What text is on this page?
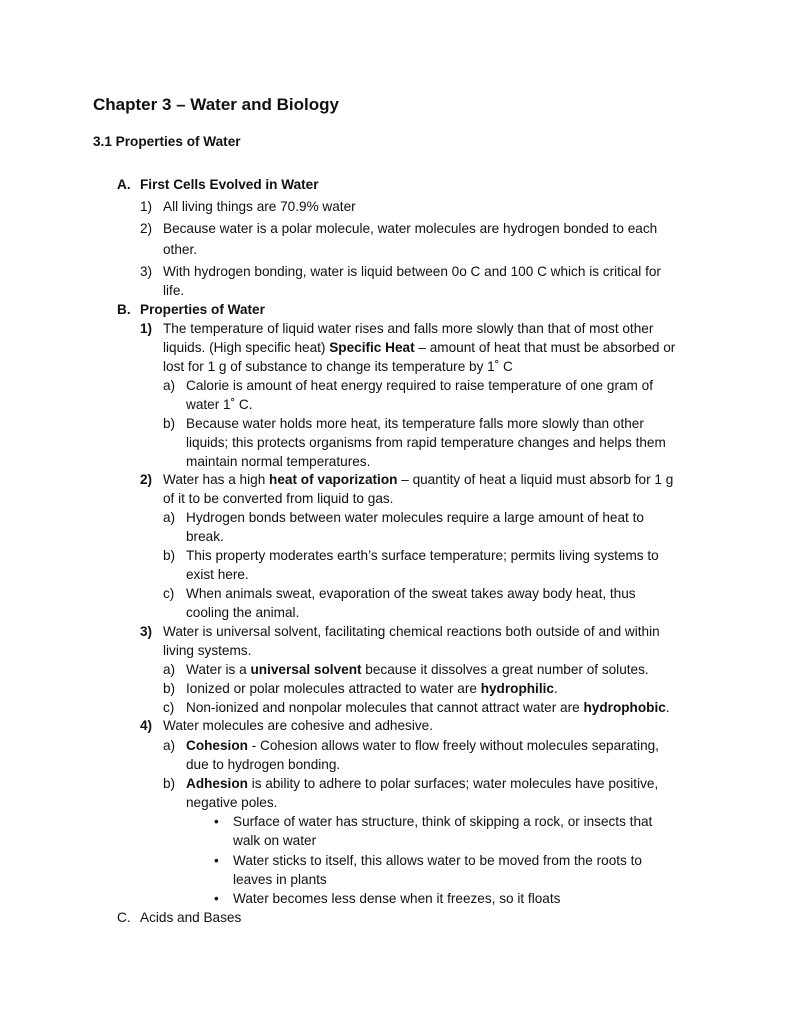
Chapter 3 – Water and Biology
3.1 Properties of Water
A. First Cells Evolved in Water
1) All living things are 70.9% water
2) Because water is a polar molecule, water molecules are hydrogen bonded to each
other.
3) With hydrogen bonding, water is liquid between 0o C and 100 C which is critical for
life.
B. Properties of Water
1) The temperature of liquid water rises and falls more slowly than that of most other
liquids. (High specific heat) Specific Heat – amount of heat that must be absorbed or
lost for 1 g of substance to change its temperature by 1˚ C
a) Calorie is amount of heat energy required to raise temperature of one gram of
water 1˚ C.
b) Because water holds more heat, its temperature falls more slowly than other
liquids; this protects organisms from rapid temperature changes and helps them
maintain normal temperatures.
2) Water has a high heat of vaporization – quantity of heat a liquid must absorb for 1 g
of it to be converted from liquid to gas.
a) Hydrogen bonds between water molecules require a large amount of heat to
break.
b) This property moderates earth’s surface temperature; permits living systems to
exist here.
c) When animals sweat, evaporation of the sweat takes away body heat, thus
cooling the animal.
3) Water is universal solvent, facilitating chemical reactions both outside of and within
living systems.
a) Water is a universal solvent because it dissolves a great number of solutes.
b) Ionized or polar molecules attracted to water are hydrophilic.
c) Non-ionized and nonpolar molecules that cannot attract water are hydrophobic.
4) Water molecules are cohesive and adhesive.
a) Cohesion - Cohesion allows water to flow freely without molecules separating,
due to hydrogen bonding.
b) Adhesion is ability to adhere to polar surfaces; water molecules have positive,
negative poles.
• Surface of water has structure, think of skipping a rock, or insects that
walk on water
• Water sticks to itself, this allows water to be moved from the roots to
leaves in plants
• Water becomes less dense when it freezes, so it floats
C. Acids and Bases
